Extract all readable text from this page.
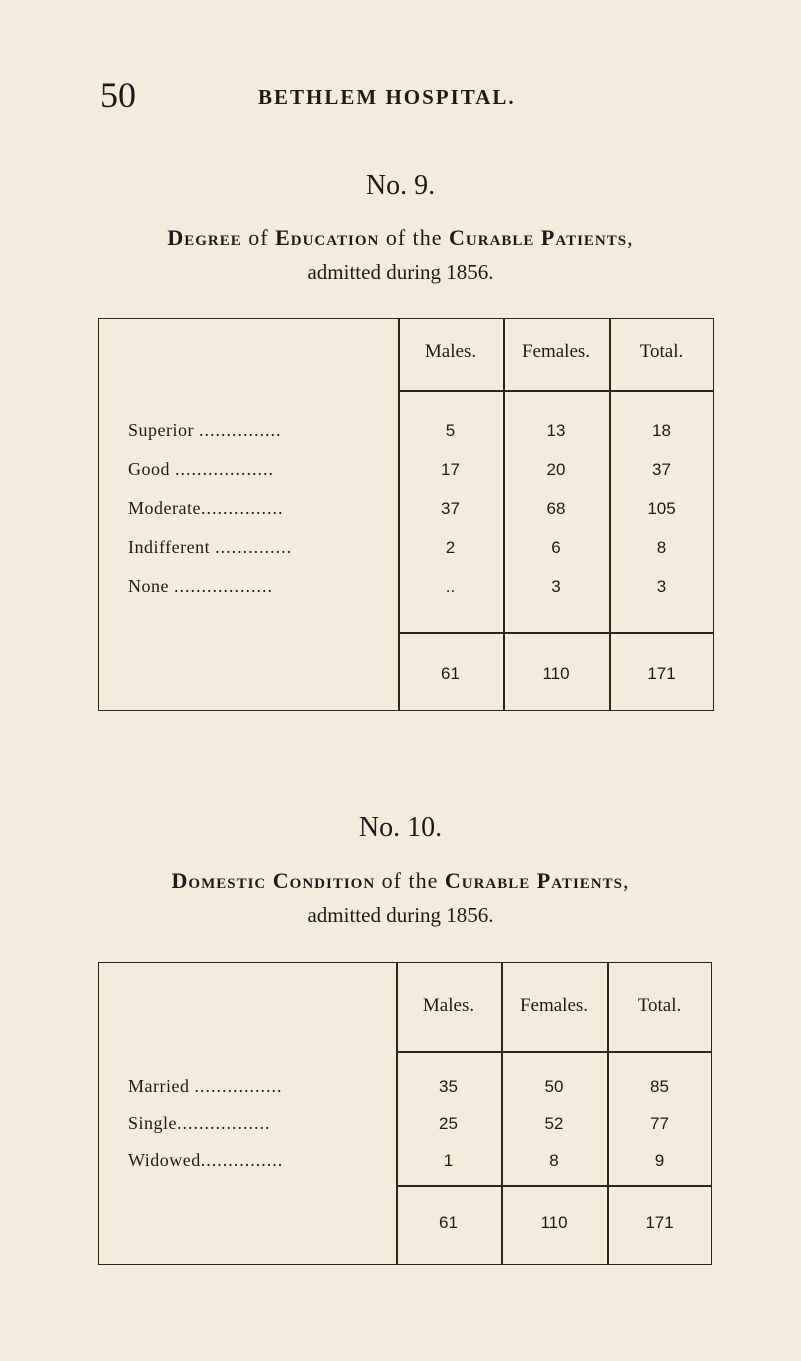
50	BETHLEM HOSPITAL.
No. 9.
Degree of Education of the Curable Patients,
admitted during 1856.
Males.	Females.	Total.
Superior ...............	5	13	18
Good ..................	17	20	37
Moderate...............	37	68	105
Indifferent ..............	2	6	8
None ..................	..	3	3
61	110	171
No. 10.
Domestic Condition of the Curable Patients,
admitted during 1856.
Males.	Females.	Total.
Married ................	35	50	85
Single.................	25	52	77
Widowed...............	1	8	9
61	110	171
